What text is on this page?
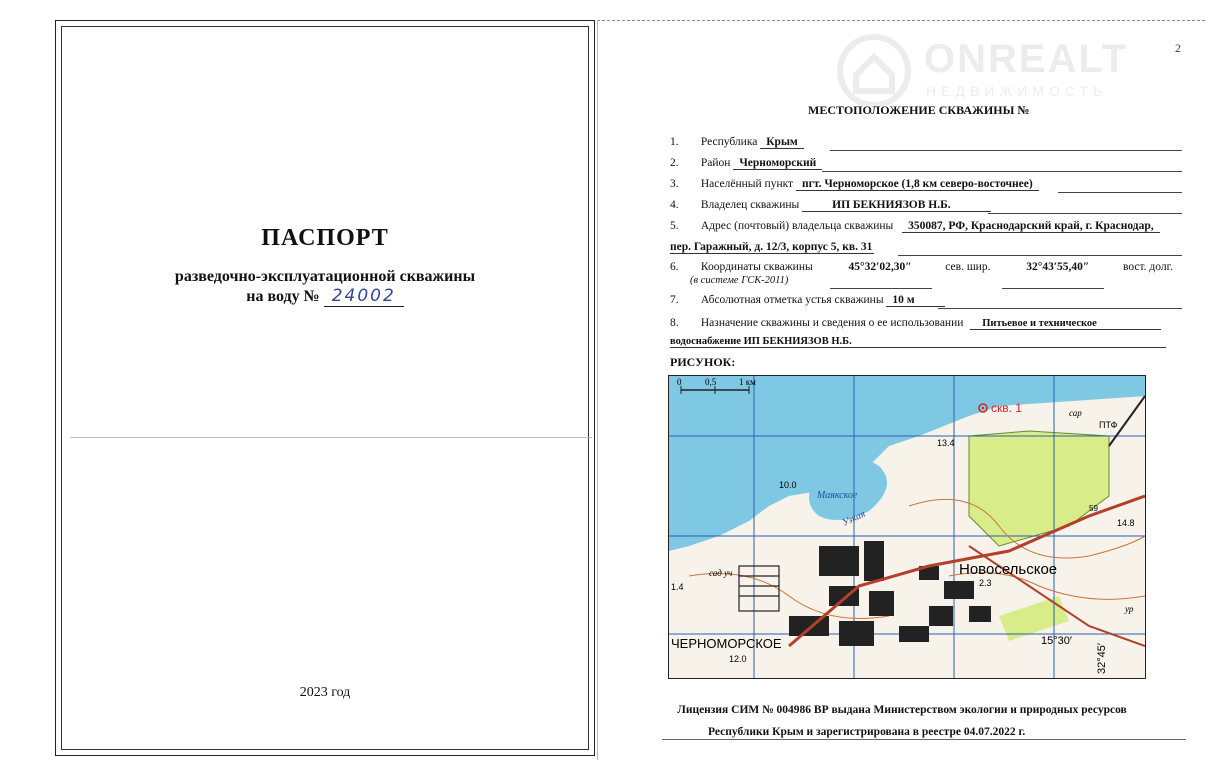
ПАСПОРТ
разведочно-эксплуатационной скважины
на воду № 24002
2023 год
ONREALT
НЕДВИЖИМОСТЬ
2
МЕСТОПОЛОЖЕНИЕ СКВАЖИНЫ №
1. Республика Крым
2. Район Черноморский
3. Населённый пункт пгт. Черноморское (1,8 км северо-восточнее)
4. Владелец скважины	ИП БЕКНИЯЗОВ Н.Б.
5. Адрес (почтовый) владельца скважины 350087, РФ, Краснодарский край, г. Краснодар,
пер. Гаражный, д. 12/3, корпус 5, кв. 31
6. Координаты скважины	45°32′02,30″	сев. шир.	32°43′55,40″	вост. долг.
(в системе ГСК-2011)
7. Абсолютная отметка устья скважины 10 м
8. Назначение скважины и сведения о ее использовании Питьевое и техническое
водоснабжение ИП БЕКНИЯЗОВ Н.Б.
РИСУНОК:
0	0,5	1 км
скв. 1
Новосельское
ЧЕРНОМОРСКОЕ
Маякское
Узкая
13.4
10.0
2.3
14.8
12.0
1.4
сад уч
сар
ПТФ
ур
15°30′
32°45′
59
Лицензия СИМ № 004986 ВР выдана Министерством экологии и природных ресурсов
Республики Крым и зарегистрирована в реестре 04.07.2022 г.
